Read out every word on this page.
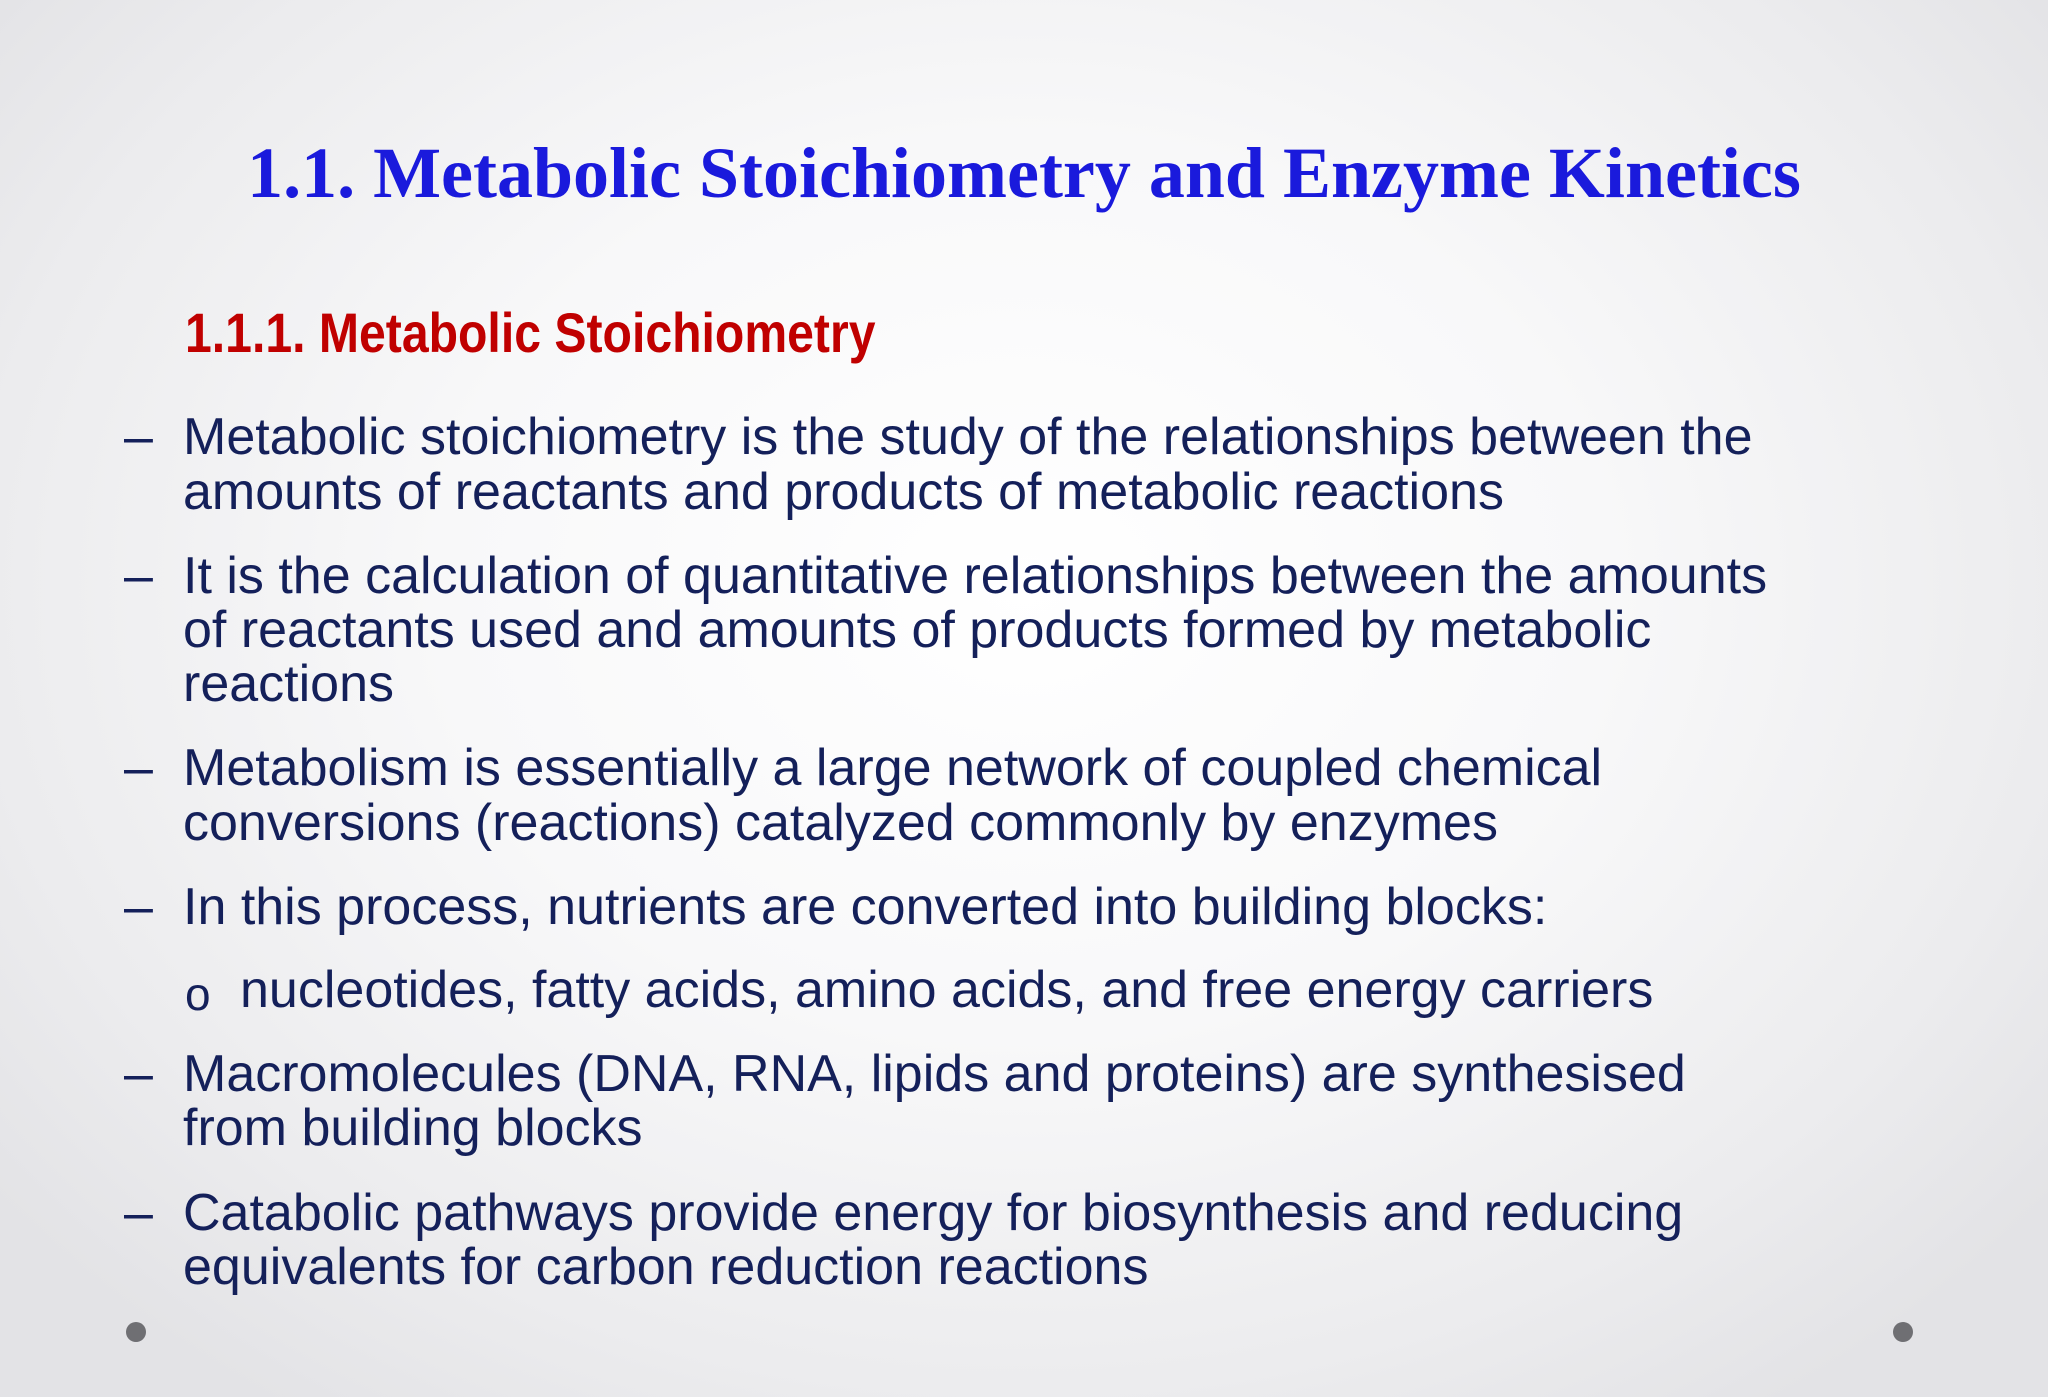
1.1. Metabolic Stoichiometry and Enzyme Kinetics
1.1.1. Metabolic Stoichiometry
– Metabolic stoichiometry is the study of the relationships between the
amounts of reactants and products of metabolic reactions
– It is the calculation of quantitative relationships between the amounts
of reactants used and amounts of products formed by metabolic
reactions
– Metabolism is essentially a large network of coupled chemical
conversions (reactions) catalyzed commonly by enzymes
– In this process, nutrients are converted into building blocks:
o nucleotides, fatty acids, amino acids, and free energy carriers
– Macromolecules (DNA, RNA, lipids and proteins) are synthesised
from building blocks
– Catabolic pathways provide energy for biosynthesis and reducing
equivalents for carbon reduction reactions
